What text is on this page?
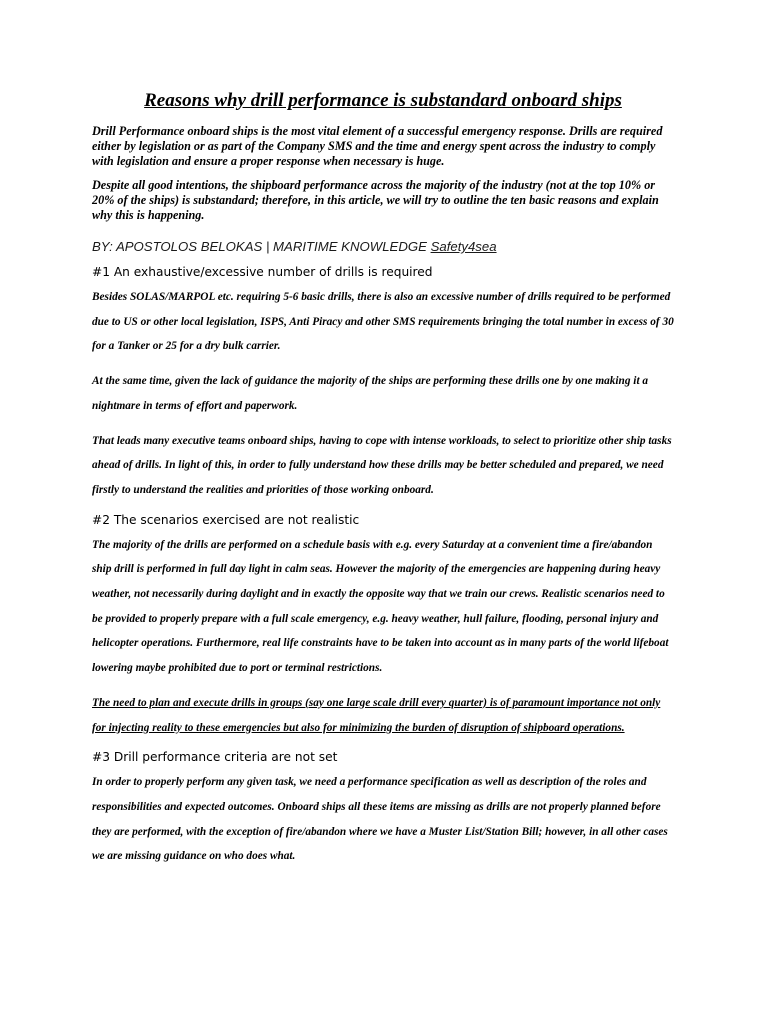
Reasons why drill performance is substandard onboard ships

Drill Performance onboard ships is the most vital element of a successful emergency response. Drills are required either by legislation or as part of the Company SMS and the time and energy spent across the industry to comply with legislation and ensure a proper response when necessary is huge.

Despite all good intentions, the shipboard performance across the majority of the industry (not at the top 10% or 20% of the ships) is substandard; therefore, in this article, we will try to outline the ten basic reasons and explain why this is happening.

BY: APOSTOLOS BELOKAS | MARITIME KNOWLEDGE Safety4sea
#1 An exhaustive/excessive number of drills is required

Besides SOLAS/MARPOL etc. requiring 5-6 basic drills, there is also an excessive number of drills required to be performed due to US or other local legislation, ISPS, Anti Piracy and other SMS requirements bringing the total number in excess of 30 for a Tanker or 25 for a dry bulk carrier.

At the same time, given the lack of guidance the majority of the ships are performing these drills one by one making it a nightmare in terms of effort and paperwork.

That leads many executive teams onboard ships, having to cope with intense workloads, to select to prioritize other ship tasks ahead of drills. In light of this, in order to fully understand how these drills may be better scheduled and prepared, we need firstly to understand the realities and priorities of those working onboard.

#2 The scenarios exercised are not realistic

The majority of the drills are performed on a schedule basis with e.g. every Saturday at a convenient time a fire/abandon ship drill is performed in full day light in calm seas. However the majority of the emergencies are happening during heavy weather, not necessarily during daylight and in exactly the opposite way that we train our crews. Realistic scenarios need to be provided to properly prepare with a full scale emergency, e.g. heavy weather, hull failure, flooding, personal injury and helicopter operations. Furthermore, real life constraints have to be taken into account as in many parts of the world lifeboat lowering maybe prohibited due to port or terminal restrictions.

The need to plan and execute drills in groups (say one large scale drill every quarter) is of paramount importance not only for injecting reality to these emergencies but also for minimizing the burden of disruption of shipboard operations.

#3 Drill performance criteria are not set

In order to properly perform any given task, we need a performance specification as well as description of the roles and responsibilities and expected outcomes. Onboard ships all these items are missing as drills are not properly planned before they are performed, with the exception of fire/abandon where we have a Muster List/Station Bill; however, in all other cases we are missing guidance on who does what.
